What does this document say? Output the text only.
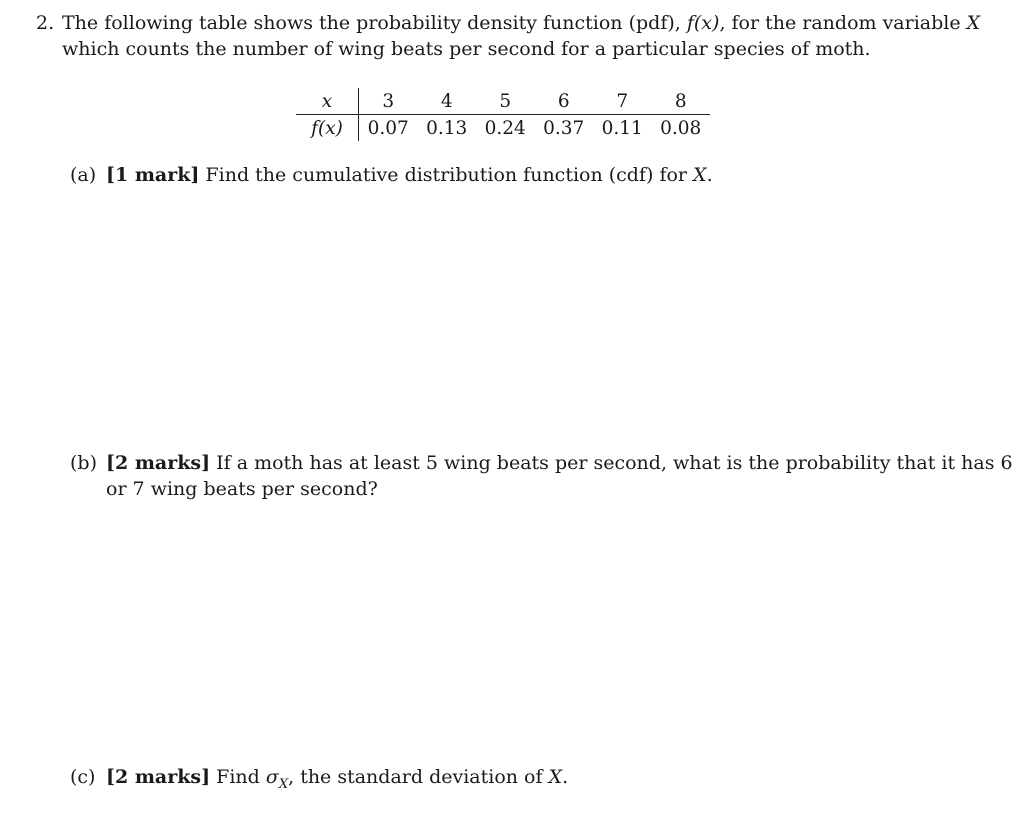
2. The following table shows the probability density function (pdf), f(x), for the random variable X
which counts the number of wing beats per second for a particular species of moth.
x	3	4	5	6	7	8
f(x)	0.07	0.13	0.24	0.37	0.11	0.08
(a) [1 mark] Find the cumulative distribution function (cdf) for X.
(b) [2 marks] If a moth has at least 5 wing beats per second, what is the probability that it has 6
or 7 wing beats per second?
(c) [2 marks] Find $\sigma_X$, the standard deviation of X.
